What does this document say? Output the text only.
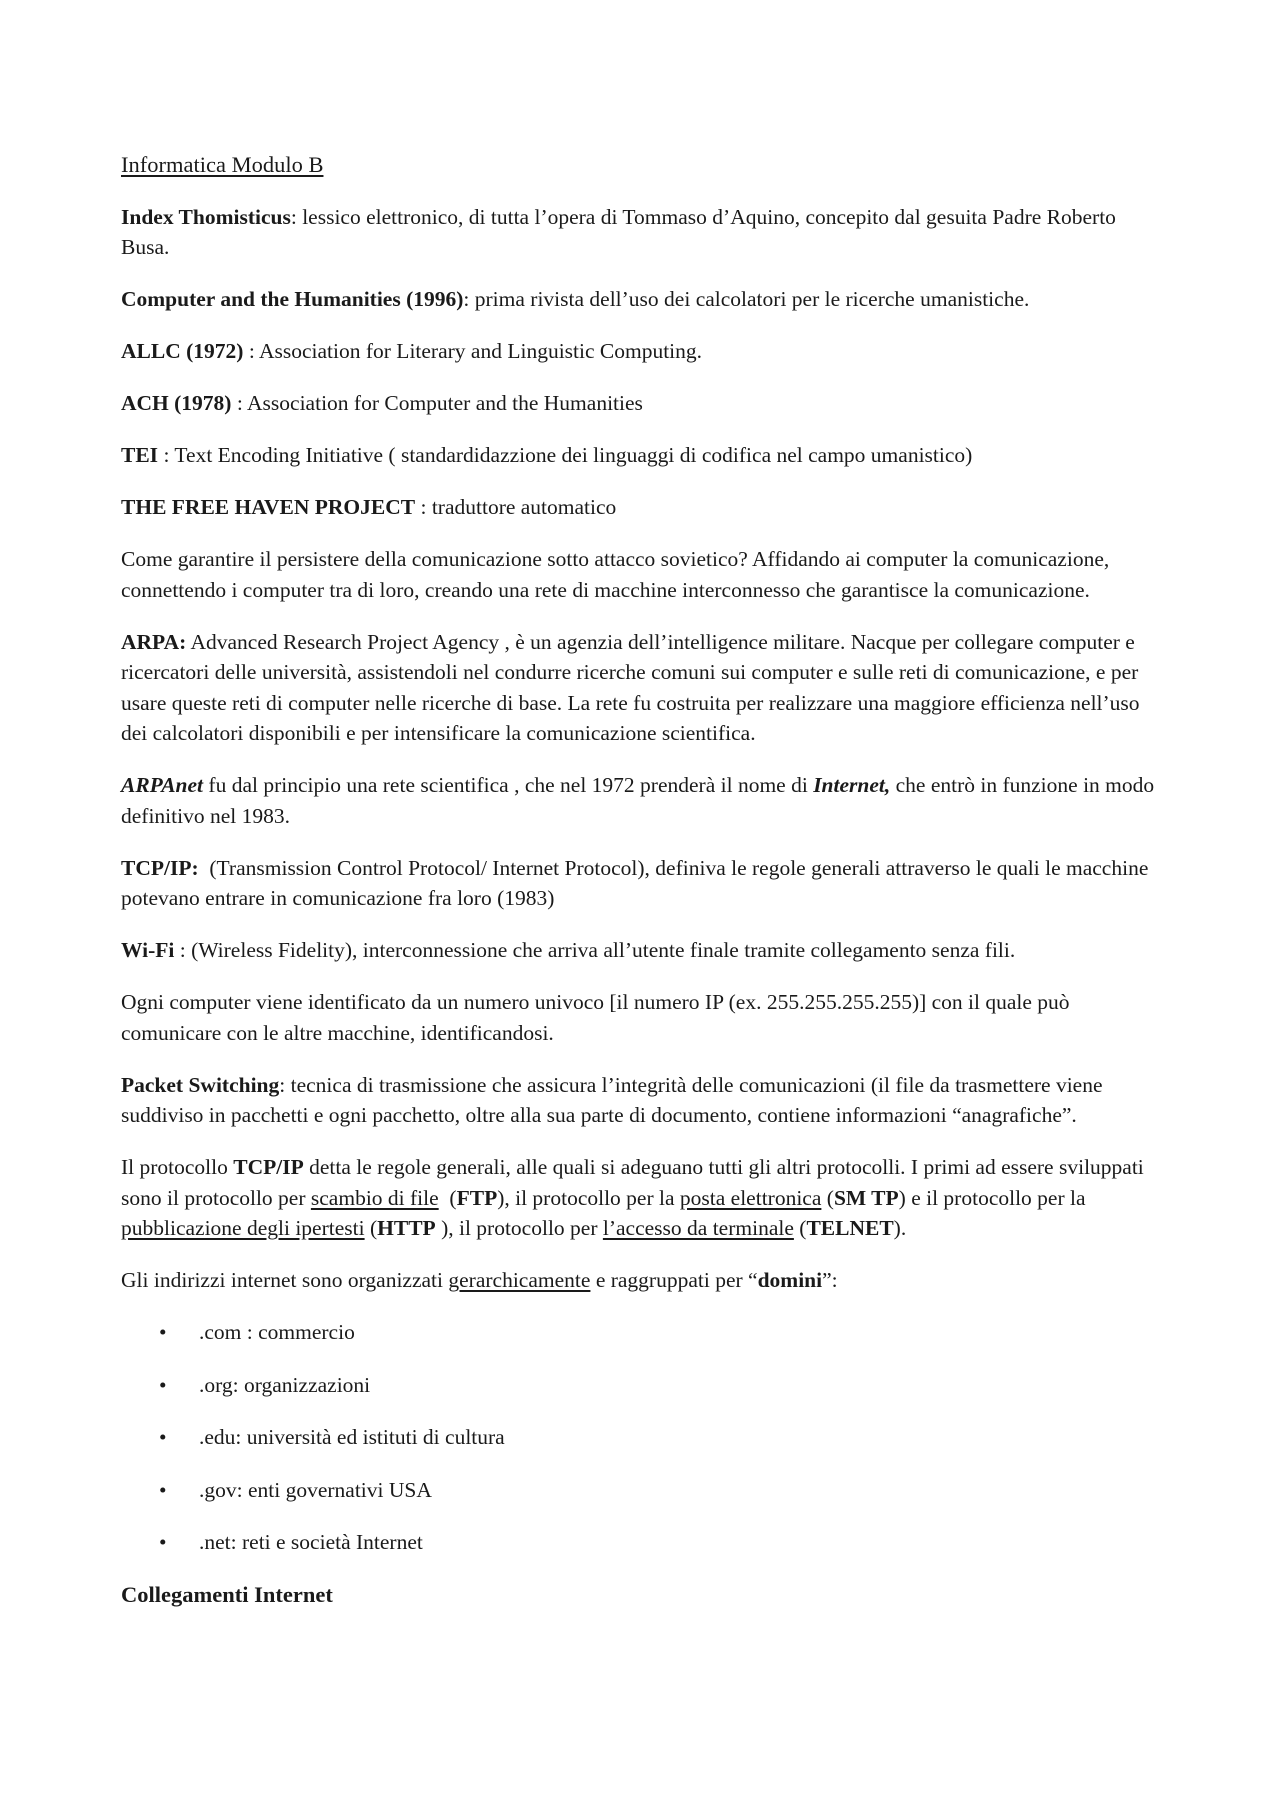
Informatica Modulo B

Index Thomisticus: lessico elettronico, di tutta l’opera di Tommaso d’Aquino, concepito dal gesuita Padre Roberto Busa.

Computer and the Humanities (1996): prima rivista dell’uso dei calcolatori per le ricerche umanistiche.

ALLC (1972) : Association for Literary and Linguistic Computing.

ACH (1978) : Association for Computer and the Humanities

TEI : Text Encoding Initiative ( standardidazzione dei linguaggi di codifica nel campo umanistico)

THE FREE HAVEN PROJECT : traduttore automatico

Come garantire il persistere della comunicazione sotto attacco sovietico? Affidando ai computer la comunicazione, connettendo i computer tra di loro, creando una rete di macchine interconnesso che garantisce la comunicazione.

ARPA: Advanced Research Project Agency , è un agenzia dell’intelligence militare. Nacque per collegare computer e ricercatori delle università, assistendoli nel condurre ricerche comuni sui computer e sulle reti di comunicazione, e per usare queste reti di computer nelle ricerche di base. La rete fu costruita per realizzare una maggiore efficienza nell’uso dei calcolatori disponibili e per intensificare la comunicazione scientifica.

ARPAnet fu dal principio una rete scientifica , che nel 1972 prenderà il nome di Internet, che entrò in funzione in modo definitivo nel 1983.

TCP/IP:  (Transmission Control Protocol/ Internet Protocol), definiva le regole generali attraverso le quali le macchine potevano entrare in comunicazione fra loro (1983)

Wi-Fi : (Wireless Fidelity), interconnessione che arriva all’utente finale tramite collegamento senza fili.

Ogni computer viene identificato da un numero univoco [il numero IP (ex. 255.255.255.255)] con il quale può comunicare con le altre macchine, identificandosi.

Packet Switching: tecnica di trasmissione che assicura l’integrità delle comunicazioni (il file da trasmettere viene suddiviso in pacchetti e ogni pacchetto, oltre alla sua parte di documento, contiene informazioni “anagrafiche”.

Il protocollo TCP/IP detta le regole generali, alle quali si adeguano tutti gli altri protocolli. I primi ad essere sviluppati sono il protocollo per scambio di file  (FTP), il protocollo per la posta elettronica (SM TP) e il protocollo per la pubblicazione degli ipertesti (HTTP ), il protocollo per l’accesso da terminale (TELNET).

Gli indirizzi internet sono organizzati gerarchicamente e raggruppati per “domini”:

• .com : commercio
• .org: organizzazioni
• .edu: università ed istituti di cultura
• .gov: enti governativi USA
• .net: reti e società Internet
Collegamenti Internet
